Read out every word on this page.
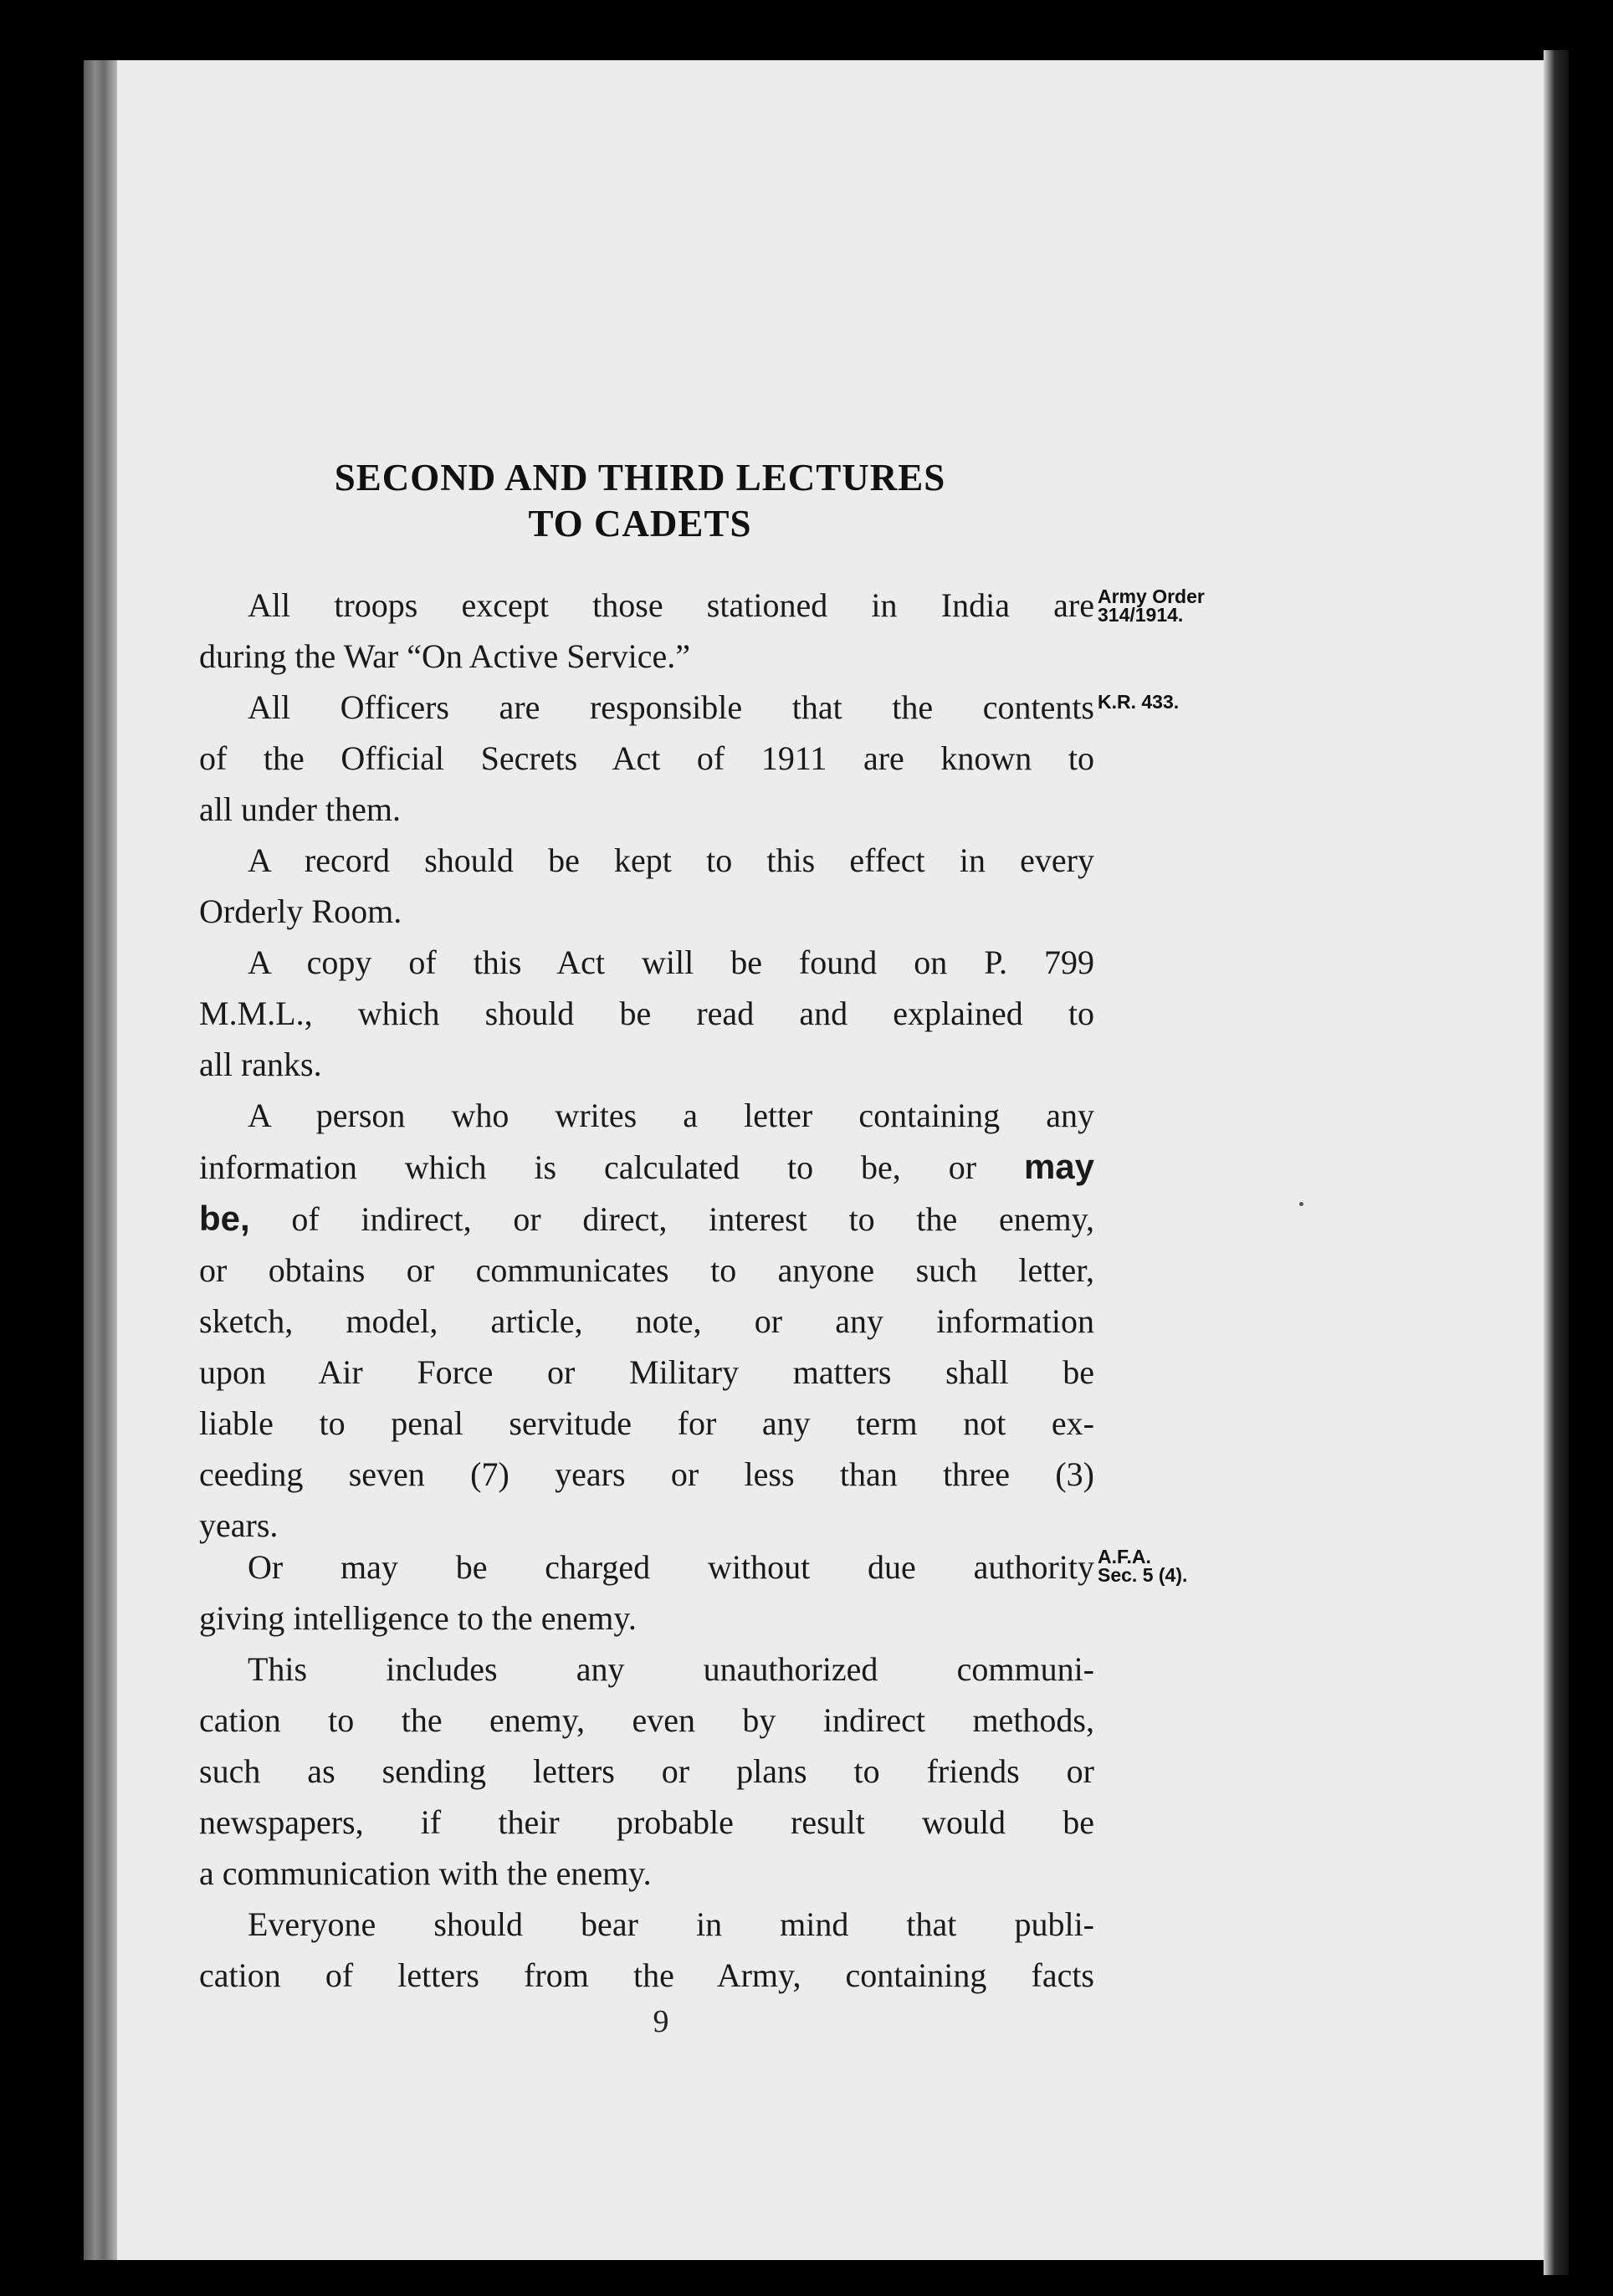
SECOND AND THIRD LECTURES
TO CADETS

All troops except those stationed in India are

during the War “On Active Service.”

All Officers are responsible that the contents

of the Official Secrets Act of 1911 are known to

all under them.

A record should be kept to this effect in every

Orderly Room.

A copy of this Act will be found on P. 799

M.M.L., which should be read and explained to

all ranks.

A person who writes a letter containing any

information which is calculated to be, or may

be, of indirect, or direct, interest to the enemy,

or obtains or communicates to anyone such letter,

sketch, model, article, note, or any information

upon Air Force or Military matters shall be

liable to penal servitude for any term not ex-

ceeding seven (7) years or less than three (3)

years.

Or may be charged without due authority

giving intelligence to the enemy.

This includes any unauthorized communi-

cation to the enemy, even by indirect methods,

such as sending letters or plans to friends or

newspapers, if their probable result would be

a communication with the enemy.

Everyone should bear in mind that publi-

cation of letters from the Army, containing facts

Army Order
314/1914.
K.R. 433.
A.F.A.
Sec. 5 (4).
9
